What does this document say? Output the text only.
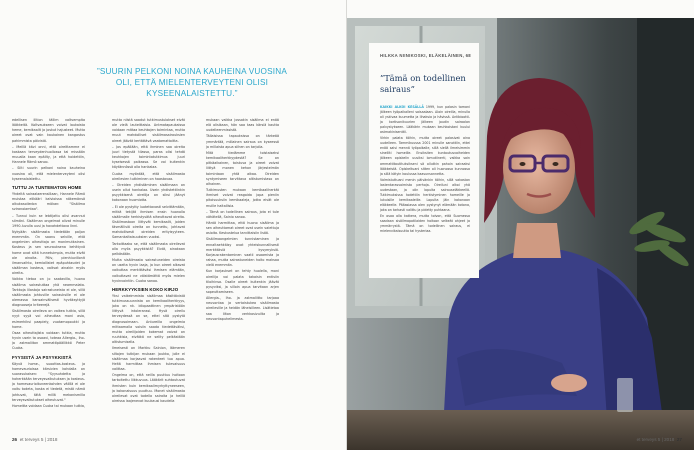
”SUURIN PELKONI NOINA KAUHEINA VUOSINA OLI, ETTÄ MIELENTERVEYTENI OLISI KYSEENALAISTETTU.”

edellisen illtion tällim valtvempita lääkkeitä. Koltvaukseen voivat laukaista heme, kemikaalit ja joskut hajusteet. Mutta oireet ovat vain kaukainen kangastus pahimmista päivistä.

– Meillä kävi onni, että oireittamme ei koskaan terveydenhuollossa tai missään muualla kaan epäilty, ja että hoidettiin, Hannele Rämö sanoo.

– Silti suurin pelkoni noina kauheina vuosina oli, että mielenterveyteni olisi kyseenalaistettu.

TUTTU JA TUNTEMATON HOME

Yhdeltä sairaalaerensillaan, Hannele Rämö muistaa elikääri kalvioissa näkemänsä alkukasoiledon mökan: "Sisäilma sviranoiamtaa".

– Tunnui kuin se lebtijattu olisi avannut silmäni. Sisäilman ongelmat olivat minulle 1990-luvulla uusi ja havahdettava linni.

Nykyään sisäilmasta tiedetään paljon enemmän. On saanu selville, että ongelmien aiheuttaja on monimutkainen. Kosteus ja sen seurauksena kehittyvä home ovat siitä tunnetuimpia, mutta eivät ole ainoita. Pölv, pienhiuvillonit ilmanvaihto, kemiallistet epäpuhtaudet ja sisäilman kosteus, valtvat ainakin myös oireita.

Vaikka tietoa on jo saatavilla, huono sisäilma sairastuttaa yhä neammalata. Tarkkoja lilastoja sairastuneista ei ole, sillä sisäilmasta johtuville sairauksille ei ole olemassa kansainvälisesti hyväksyttyjä diagnooseja kriteerejä.

Sisäilmasta oireileva on vaikea tutkia, sillä nyyt syyä voi aiheuttaa moni asia, esimerkiksi paapiely, vuotamopoukki ja home.

Osaa aiheuttajista voidaan tutkia, mutta hyvin usein ta osaavi, toteaa Allergia-, Iho- ja astmaliiton ammattipäällikkö Peter Cuoka.

FYYSISTÄ JA PSYYKKISTÄ

Käyvä home-, suoottas-kosteus- ja homevaurioissa kärsivien kohdalla on suorasukaisen: "Syysuhdetta ja hoherkkään terveysvaikutuksen ja kosteus- ja homevaurioituneenkohden välillä ei ole voitu todeta, koska ei tiedetä, mistä nämä johtuvat, tätä millä mekanismilla terveysvaikutukset aiheutuvat."

Homeitta voidaan Cuoka tai mukaan tutkia,

mutta niistä saadut tutkimustulokset eivät ole vielä lauteittaisia. Antmatapaukaissa voidaan mittaa keuhkojen toimintaa, mutta muut mahdolliset sisäilmasairauksien oireet jäävät kertättävä vaatamattoitta.

– Jos epäilään, että ihminen saa oireita juuri tietystä tilassa, paras olisi tehdä keuhkojen toimintatutkimus juuri kyseisessä paikassa. Se voi kuitenkin käytännössä olla hankalaa.

Cuoka myöntää, että sisäilmasta oireilevien tutkiminen on haastavaa.

– Oireiden yhdistäminen sisäilmaan on usein ollut hankalaa. Usein yhdistettiinkin psyykkisenä oireilija on siksi jäänyt kokonaan huomiotta.

– Ei ole pystytty luotettavasti selvittämään, mitkä tekijät ihmisen ensin huonolla sisäilmalle herkistyvätä aiheuttavat oireita. Sisäilmastoon liittyvät kemikaalit, joiden täsmällisiä oireita on tunnettu, johtavat mahdollisesti oireiden erityisyyteen. Samankaltaisuuksien vuoksi.

Tarkoittaako se, että sisäilmasta oireilevat olla myös psyykkistä? Eivät, ainakaan pelkästään.

Mutta sisäilmasta sairastuneiden oireista on useita hyvin laaja, ja kun oireet alkavat vaikuttaa merkittäväsi ihmisen elämään, valkuttavat ne väistämättä myös mielen hyvinvointiin. Cuoka sanoo.

HERKKYYKSIEN KOKO KIRJO

Yksi vaikeimmista sisäilmaa käsittävistä tutkimussuunnista on kemikaaliherkkyys, joka on nk. idiopaattinen ympäristöön liittyvä intoleranssi. Hyvä oireilu terveydessä on se, ettei sitä pystytä diagnosoimaan. Antureilla ongelmia mittaamalla voisiin saada tiedettäväksi, mutta oireilijoiden kokemat vaivat on ruuhkisia, eivätkä ne selity pelkästään altistumisella.

Ilmeisesti on Markku Sainion, Itämeren siltojen tutkijan mukaan joukko, jolle ei sisäilmaa korjaavat rakenteet tuo apua. Heitä harmittaa ihmisen tulevaisuus valittaa.

Ongelma on, että neilla puuttuu hoitoon tarkoitettu liikkuvuus. Lääkärit suhtautuvat ihmisten kuin kemikaalimyrkyttyneeseen, ja kokonaisuus puuttuu. Monet sisäilmasta oireilevat ovat todella sairaita ja heillä oireissa laajenevat kuukausi kaudella

mukaan vaikka jossakin sisäilma ei enää elä olisikaan, hän saa taas kärsiä kautta uudelleenmissistä.

Tällaisissa tapauksissa on tärkeää ymmärtää, millainen sairaus on kyseessä ja millaista apua siihen on tarjolla.

Mitä tiedämme toistaiseksi kemikaaliherkkyydestä? Se on pitkäaikainen, toistuva ja oireet voivat liittyä monen kehon järjestelmän toimintaan yhtä aikaa. Oireiden syntymiseen tarvittava altistumistaso on alhainen.

Tutkimusten mukaan kemikaaliherkät ihmiset voivat reagoida jopa pieniin pitoisuuksiin kemikaaleja, jotka eivät ole muille haitallisia.

– Tämä on todellinen sairaus, jota ei tule vähätellä, Sainio sanoo.

Häntä harmittaa, että huono sisäilma ja sen aiheuttamat oireet ovat usein vaiettuja asioita. Keskustelua tarvittaisiin lisää.

Sisäilmaongelmien tunnistaminen ja ennaltaehkäisy ovat yhteiskunnallisesti merkittäviä kysymyksiä. Korjausrakentaminen vaatii osaamista ja rahaa, mutta sairastuneiden hoito maksaa vielä enemmän.

Kun korjaukset on tehty huolella, moni oireilija voi palata takaisin entisiin tiloihinsa. Osalle oireet kuitenkin jäävät pysyviksi, ja silloin apua tarvitaan arjen sopeuttamiseen.

Allergia-, Iho- ja astmaliitto tarjoaa neuvontaa ja vertaistukea sisäilmasta oireileville ja heidän läheisilleen. Lisätietoa saa liiton verkkosivuilta ja neuvontapuhelimesta.

26 et terveys 5 | 2018
HILKKA NIINIKOSKI, ELÄKELÄINEN, 68
”Tämä on todellinen sairaus”

KAIKKI ALKOI KESÄLLÄ 1999, kun palasin tomani jälkeen työpaikalleni saisaalaan. Aloin oireilla, minulla oli yskivaa kuumetta ja lihaksia ja hävissä. Antibiootti- ja kortisonikuurien jälkeen joudin sairaalan palvystykseen. Lääkärin mukaan keuhkoistani kuului astmakinisenttii.

Virkin palata töihin, mutta oireet palasivat aina uudelleen. Tammikuussa 2001 minulle sanottiin, ettei enää saisi mennä työpaikalle, sillä siellä ilmeisimmin sinelliti homeille. Ensiksiten kuntoutusvaiheiden jälkeen opiskelin uusiksi lomutiinerti, vaikka sain ammattitautituksikseni sä ollutkin pahoin sairaaksi lääkkeistä. Opiskeltuani sitten oli huonossa kunnossa ja sillä kätyin koulussa kaasunsannetta.

Valmistuttuani menin päivänkin töihin, sillä vakastan lastentarasvoimista perhoja. Oireiluni alkoi yhä uudestaan, ja olin lopulta sairauseläkkeellä. Tutkimuksissa todettiin herkistyminen homeille ja lukuisille kemikaaleille. Lopulta jäin kokonaan eläkkeelle. Pääasiassa olen pystynyt elämään kotona, joka on tarkasti valittu ja pidetty puhtaana.

En osaa olla katkera, mutta toivon, että Suomessa saadaan sisäilmapotilaiden hoitoon selkeät ohjeet ja ymmärrystä. Tämä on todellinen sairaus, ei mielenvikaisuutta tai hysteriaa.

et terveys 5 | 2018 27
